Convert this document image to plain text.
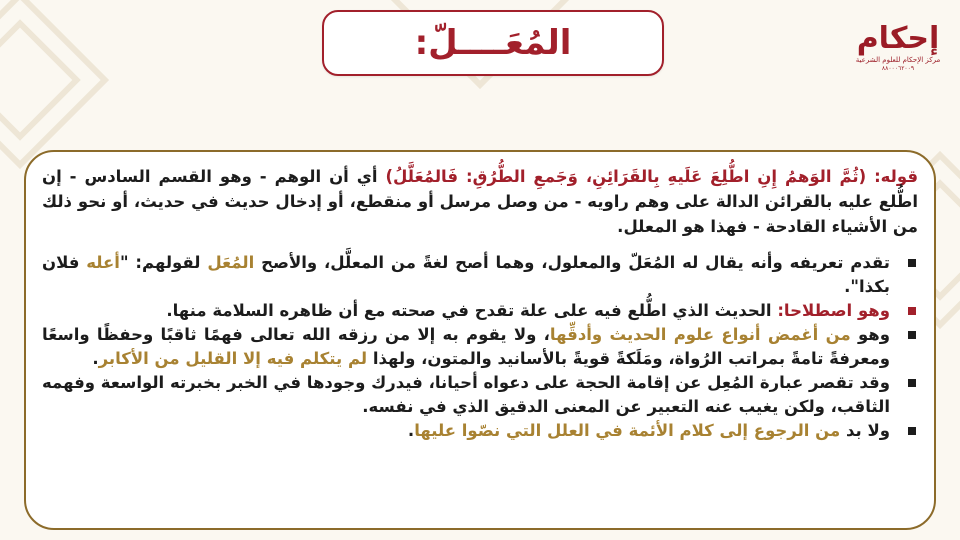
المُعَــــلّ:	إحكام
مركز الإحكام للعلوم الشرعية
٨٨٠٠٠٦٢٠٠٩

قوله: (ثُمَّ الوَهمُ إِنِ اطُّلِعَ عَلَيهِ بِالقَرَائِنِ، وَجَمعِ الطُّرُقِ: فَالمُعَلَّلُ) أي أن الوهم - وهو القسم السادس - إن اطُّلع عليه بالقرائن الدالة على وهم راويه - من وصل مرسل أو منقطع، أو إدخال حديث في حديث، أو نحو ذلك من الأشياء القادحة - فهذا هو المعلل.

تقدم تعريفه وأنه يقال له المُعَلّ والمعلول، وهما أصح لغةً من المعلَّل، والأصح المُعَل لقولهم: "أعله فلان بكذا".
وهو اصطلاحا: الحديث الذي اطُّلع فيه على علة تقدح في صحته مع أن ظاهره السلامة منها.
وهو من أغمض أنواع علوم الحديث وأدقِّها، ولا يقوم به إلا من رزقه الله تعالى فهمًا ثاقبًا وحفظًا واسعًا ومعرفةً تامةً بمراتب الرُواة، ومَلَكةً قويةً بالأسانيد والمتون، ولهذا لم يتكلم فيه إلا القليل من الأكابر.
وقد تقصر عبارة المُعِل عن إقامة الحجة على دعواه أحيانا، فيدرك وجودها في الخبر بخبرته الواسعة وفهمه الثاقب، ولكن يغيب عنه التعبير عن المعنى الدقيق الذي في نفسه.
ولا بد من الرجوع إلى كلام الأئمة في العلل التي نصّوا عليها.
